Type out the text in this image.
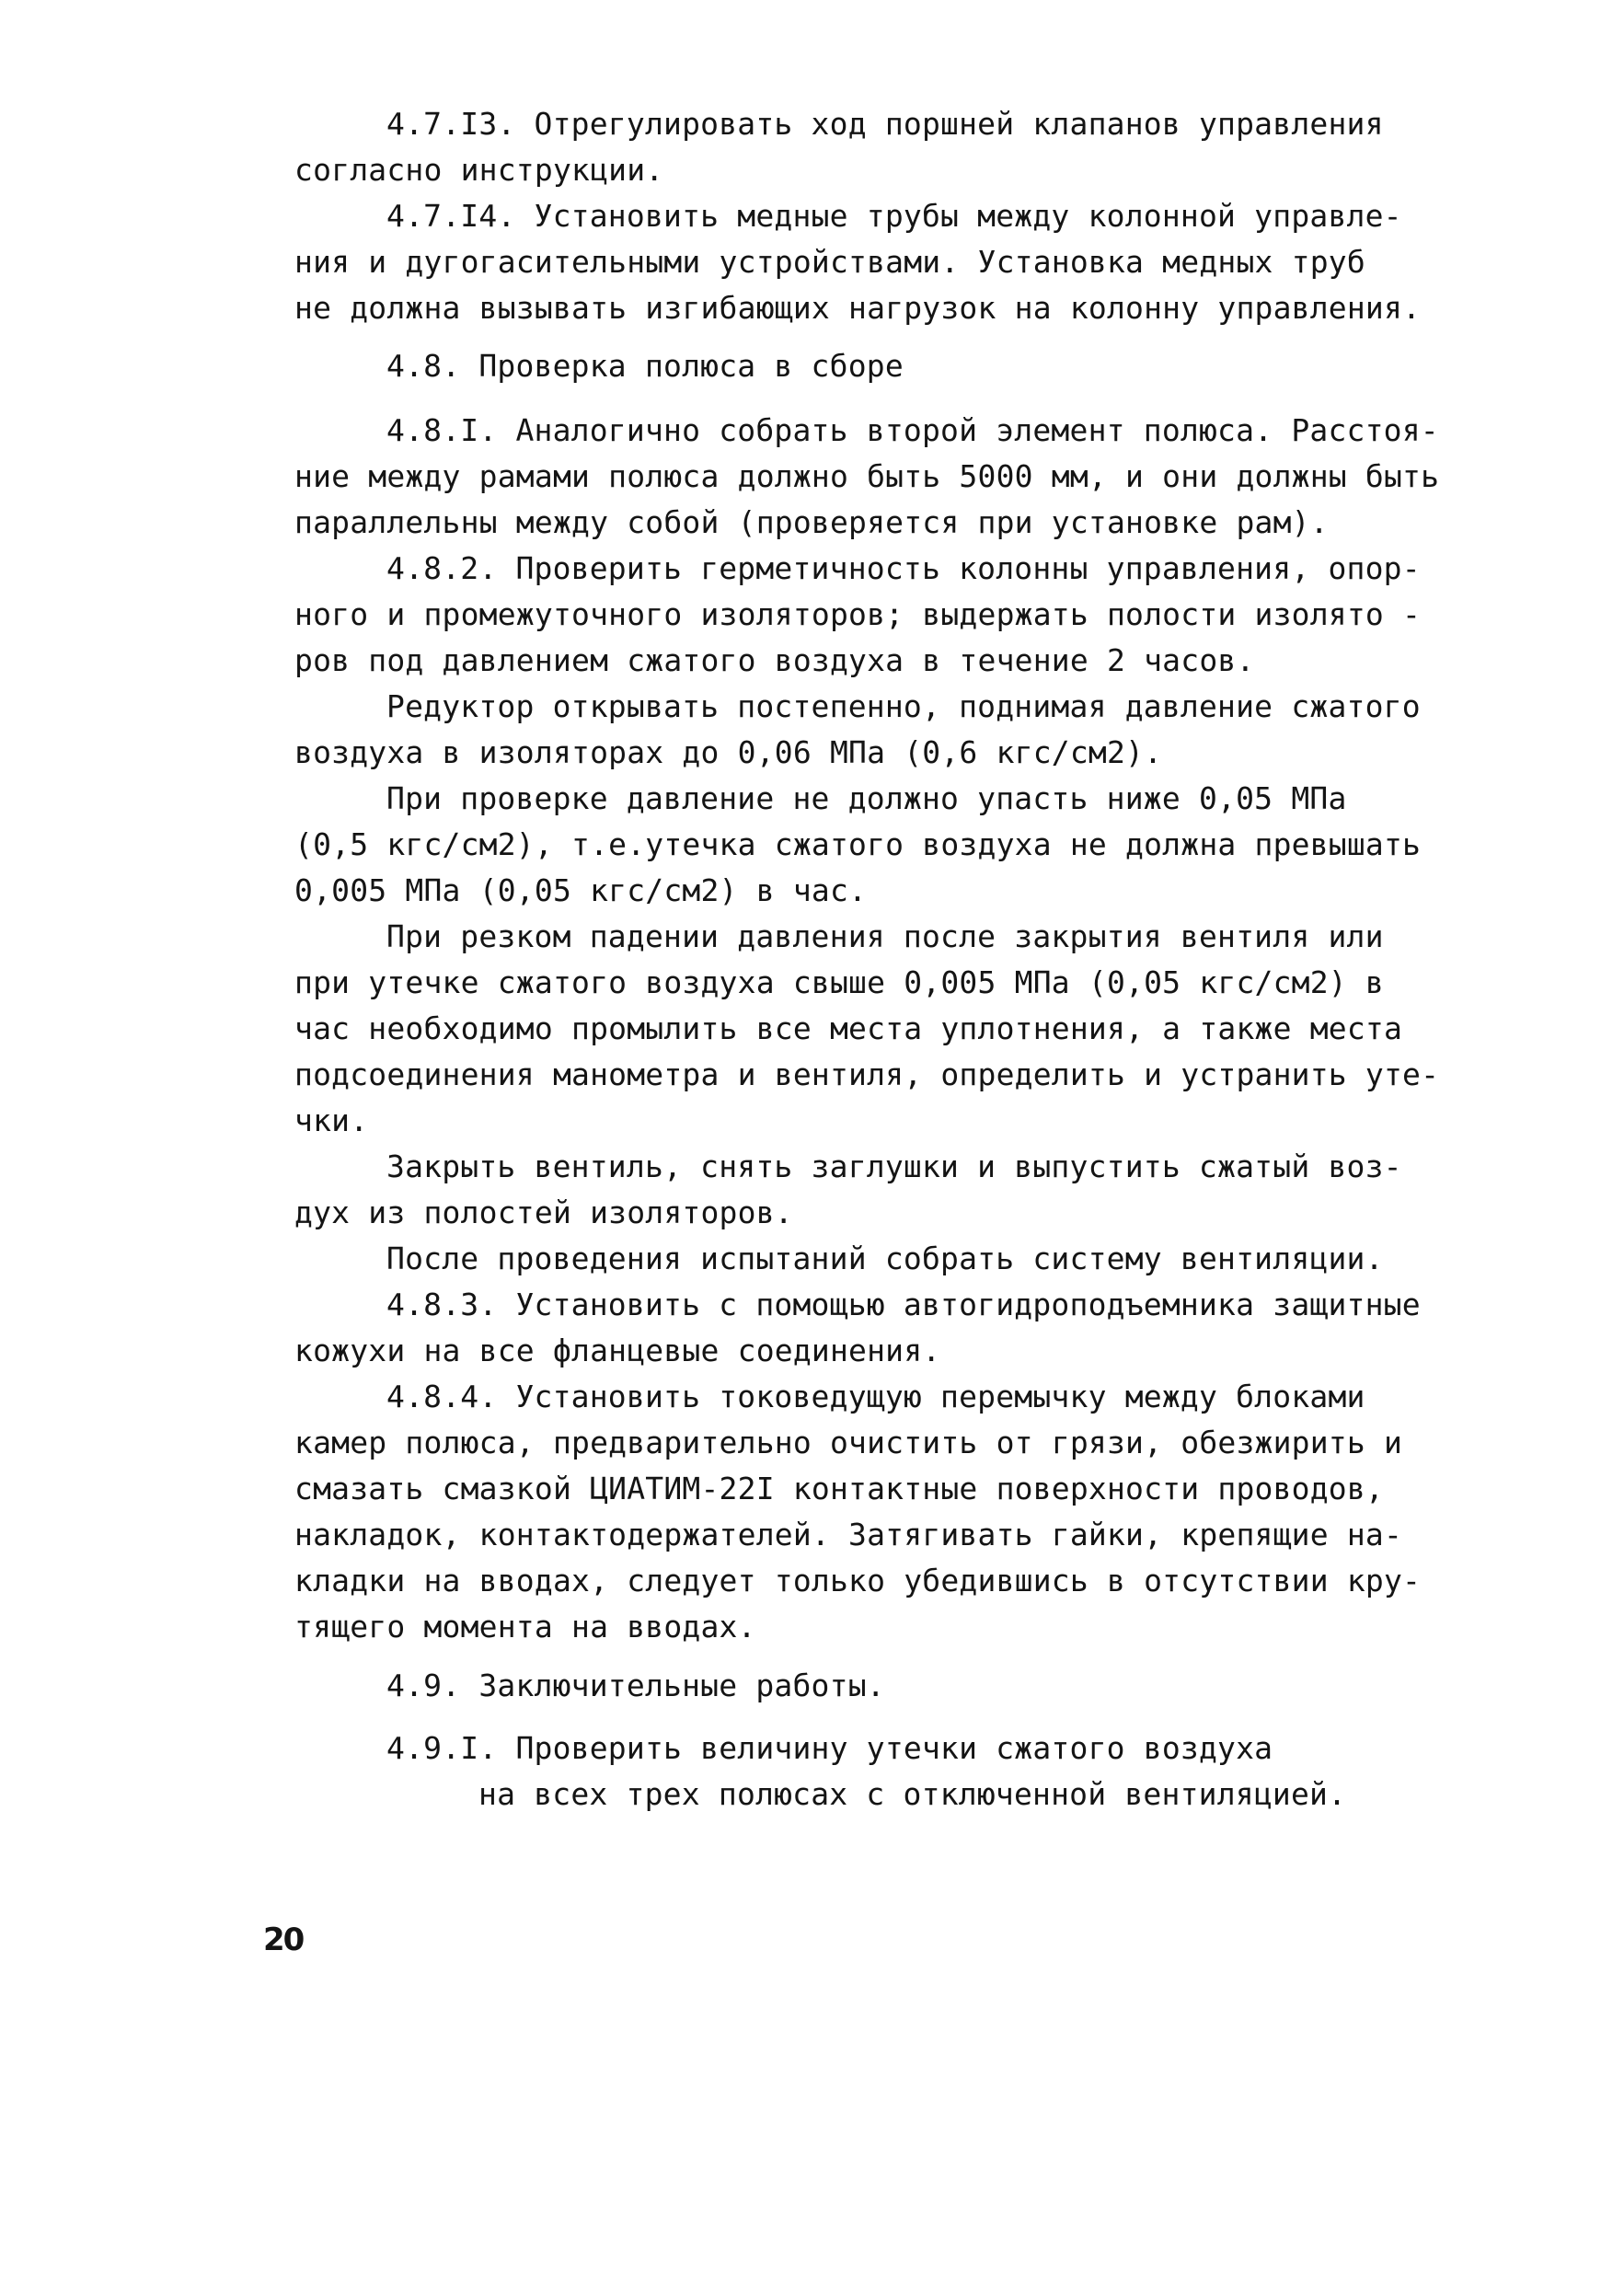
4.7.I3. Отрегулировать ход поршней клапанов управления

согласно инструкции.

4.7.I4. Установить медные трубы между колонной управле-

ния и дугогасительными устройствами. Установка медных труб

не должна вызывать изгибающих нагрузок на колонну управления.

4.8. Проверка полюса в сборе

4.8.I. Аналогично собрать второй элемент полюса. Расстоя-

ние между рамами полюса должно быть 5000 мм, и они должны быть

параллельны между собой (проверяется при установке рам).

4.8.2. Проверить герметичность колонны управления, опор-

ного и промежуточного изоляторов; выдержать полости изолято -

ров под давлением сжатого воздуха в течение 2 часов.

Редуктор открывать постепенно, поднимая давление сжатого

воздуха в изоляторах до 0,06 МПа (0,6 кгс/см2).

При проверке давление не должно упасть ниже 0,05 МПа

(0,5 кгс/см2), т.е.утечка сжатого воздуха не должна превышать

0,005 МПа (0,05 кгс/см2) в час.

При резком падении давления после закрытия вентиля или

при утечке сжатого воздуха свыше 0,005 МПа (0,05 кгс/см2) в

час необходимо промылить все места уплотнения, а также места

подсоединения манометра и вентиля, определить и устранить уте-

чки.

Закрыть вентиль, снять заглушки и выпустить сжатый воз-

дух из полостей изоляторов.

После проведения испытаний собрать систему вентиляции.

4.8.3. Установить с помощью автогидроподъемника защитные

кожухи на все фланцевые соединения.

4.8.4. Установить токоведущую перемычку между блоками

камер полюса, предварительно очистить от грязи, обезжирить и

смазать смазкой ЦИАТИМ-22I контактные поверхности проводов,

накладок, контактодержателей. Затягивать гайки, крепящие на-

кладки на вводах, следует только убедившись в отсутствии кру-

тящего момента на вводах.

4.9. Заключительные работы.

4.9.I. Проверить величину утечки сжатого воздуха

на всех трех полюсах с отключенной вентиляцией.

20
